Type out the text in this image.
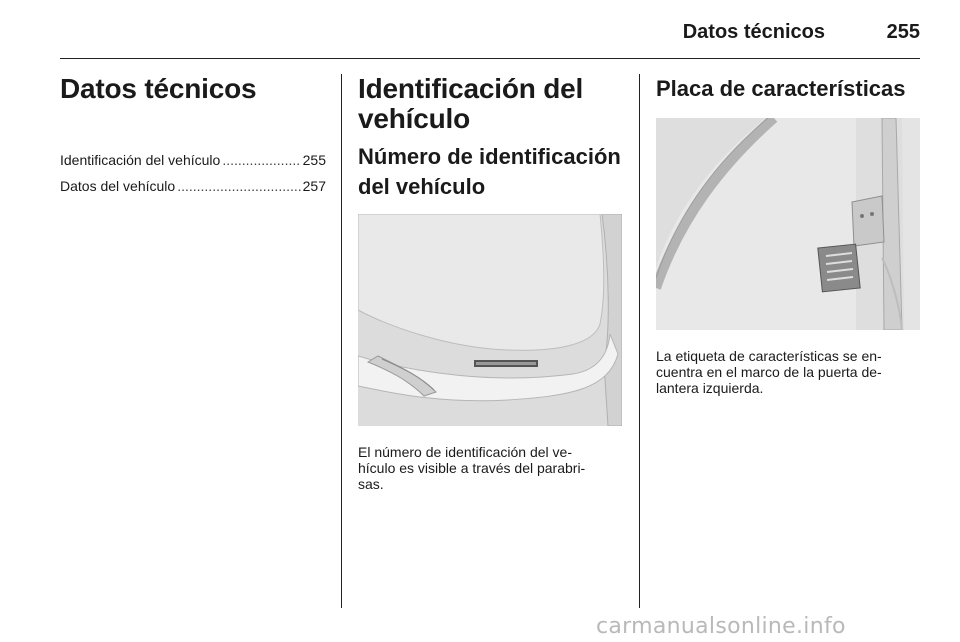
Datos técnicos	255
Datos técnicos
Identificación del vehículo .....	255
Datos del vehículo .....	257
Identificación del
vehículo
Número de identificación
del vehículo

El número de identificación del ve-
hículo es visible a través del parabri-
sas.

Placa de características

La etiqueta de características se en-
cuentra en el marco de la puerta de-
lantera izquierda.

carmanualsonline.info
